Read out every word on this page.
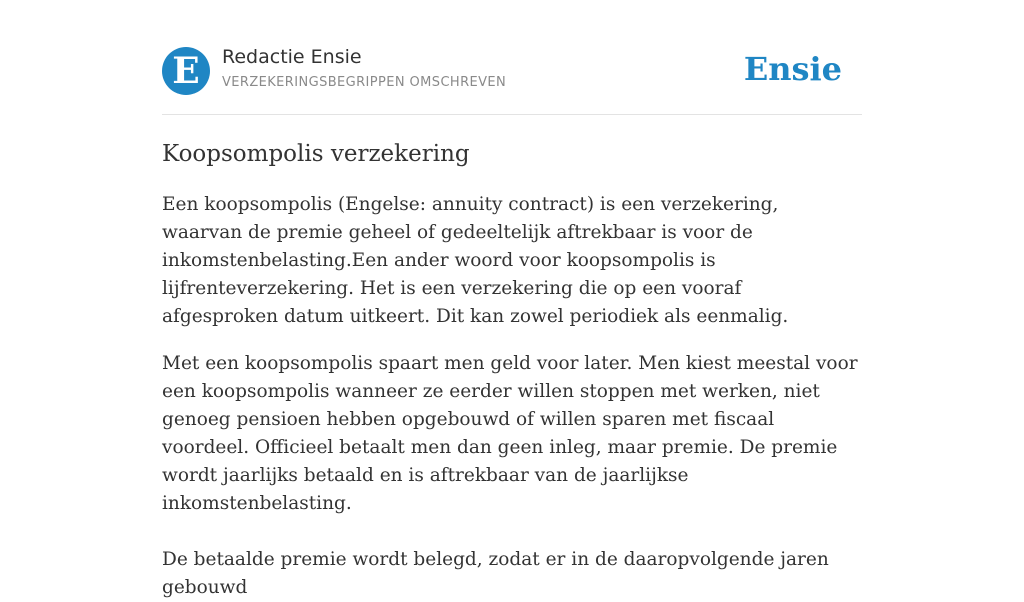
E	Redactie Ensie
VERZEKERINGSBEGRIPPEN OMSCHREVEN	Ensie
Koopsompolis verzekering

Een koopsompolis (Engelse: annuity contract) is een verzekering, waarvan de premie geheel of gedeeltelijk aftrekbaar is voor de inkomstenbelasting.Een ander woord voor koopsompolis is lijfrenteverzekering. Het is een verzekering die op een vooraf afgesproken datum uitkeert. Dit kan zowel periodiek als eenmalig.

Met een koopsompolis spaart men geld voor later. Men kiest meestal voor een koopsompolis wanneer ze eerder willen stoppen met werken, niet genoeg pensioen hebben opgebouwd of willen sparen met fiscaal voordeel. Officieel betaalt men dan geen inleg, maar premie. De premie wordt jaarlijks betaald en is aftrekbaar van de jaarlijkse inkomstenbelasting.

De betaalde premie wordt belegd, zodat er in de daaropvolgende jaren gebouwd
